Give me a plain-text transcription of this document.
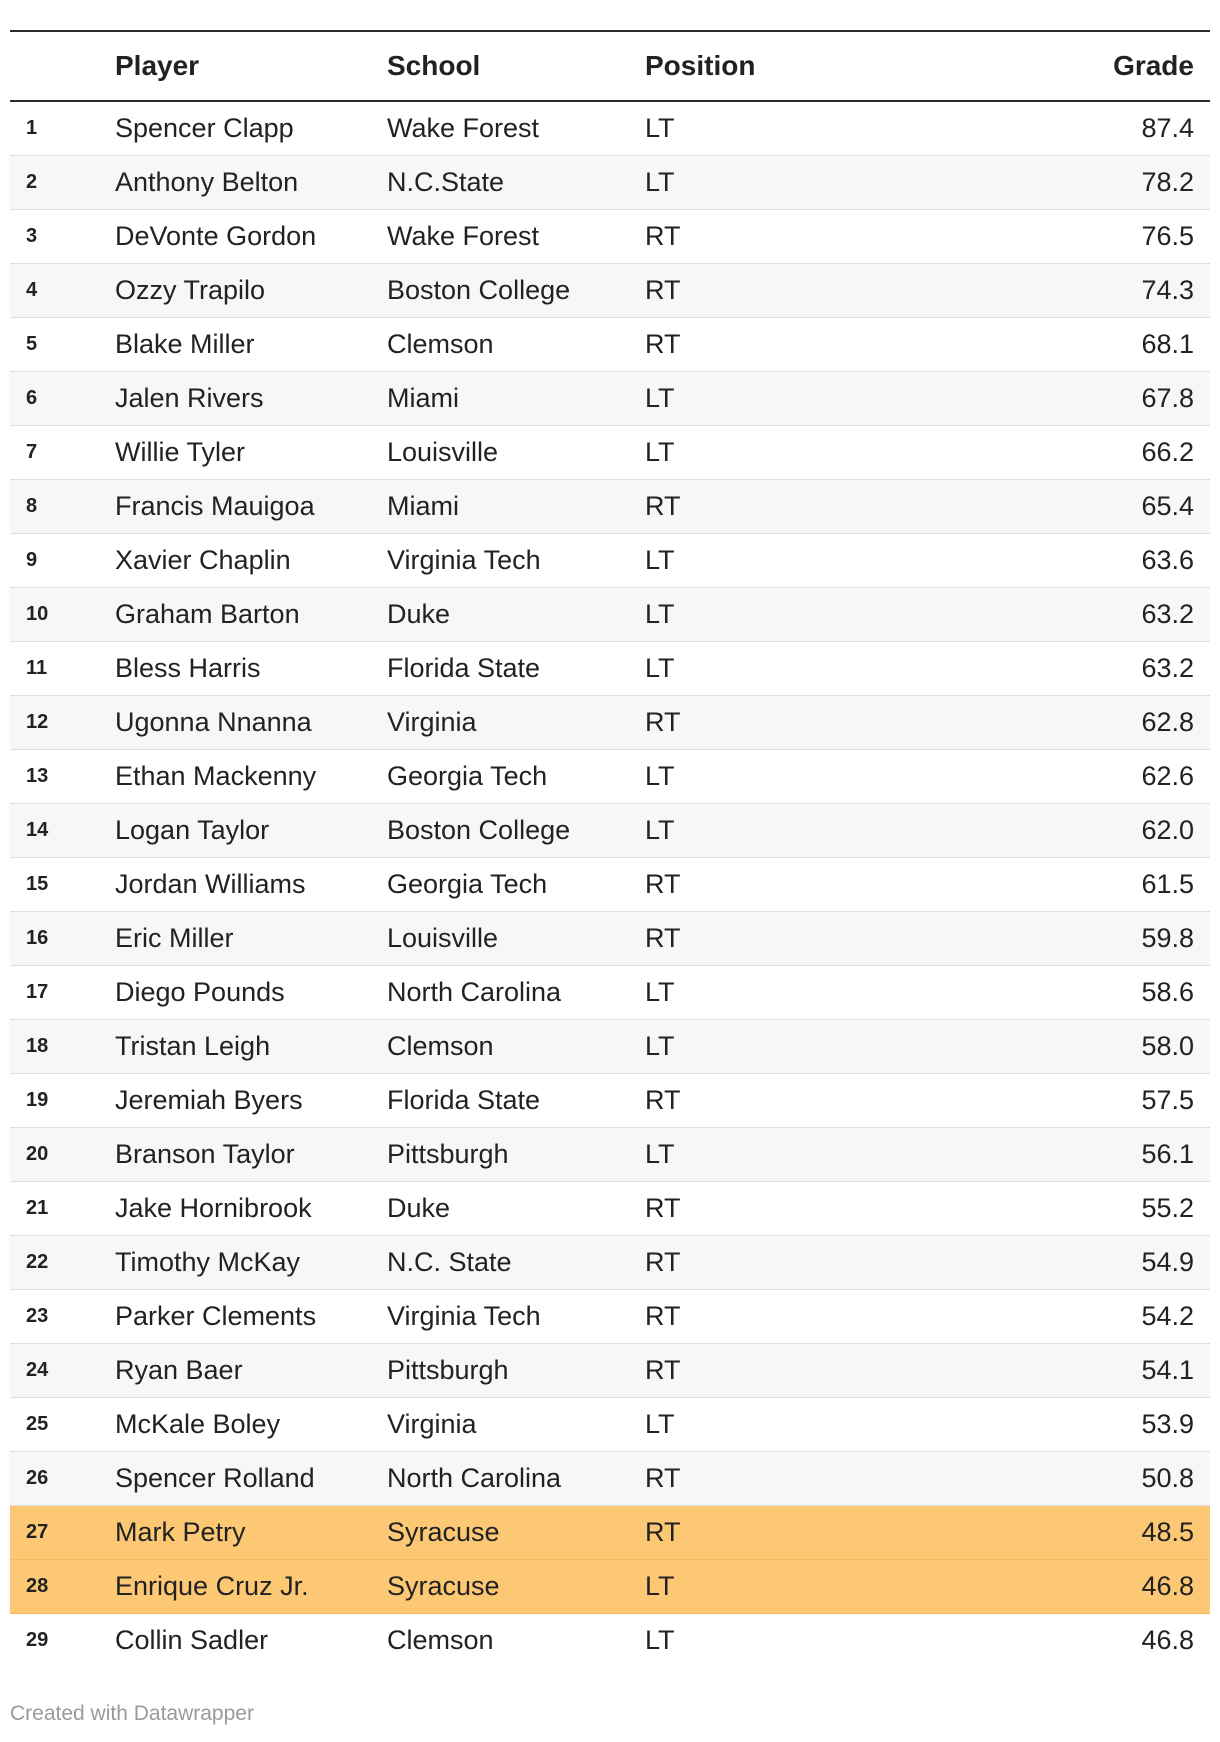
	Player	School	Position	Grade
1	Spencer Clapp	Wake Forest	LT	87.4
2	Anthony Belton	N.C.State	LT	78.2
3	DeVonte Gordon	Wake Forest	RT	76.5
4	Ozzy Trapilo	Boston College	RT	74.3
5	Blake Miller	Clemson	RT	68.1
6	Jalen Rivers	Miami	LT	67.8
7	Willie Tyler	Louisville	LT	66.2
8	Francis Mauigoa	Miami	RT	65.4
9	Xavier Chaplin	Virginia Tech	LT	63.6
10	Graham Barton	Duke	LT	63.2
11	Bless Harris	Florida State	LT	63.2
12	Ugonna Nnanna	Virginia	RT	62.8
13	Ethan Mackenny	Georgia Tech	LT	62.6
14	Logan Taylor	Boston College	LT	62.0
15	Jordan Williams	Georgia Tech	RT	61.5
16	Eric Miller	Louisville	RT	59.8
17	Diego Pounds	North Carolina	LT	58.6
18	Tristan Leigh	Clemson	LT	58.0
19	Jeremiah Byers	Florida State	RT	57.5
20	Branson Taylor	Pittsburgh	LT	56.1
21	Jake Hornibrook	Duke	RT	55.2
22	Timothy McKay	N.C. State	RT	54.9
23	Parker Clements	Virginia Tech	RT	54.2
24	Ryan Baer	Pittsburgh	RT	54.1
25	McKale Boley	Virginia	LT	53.9
26	Spencer Rolland	North Carolina	RT	50.8
27	Mark Petry	Syracuse	RT	48.5
28	Enrique Cruz Jr.	Syracuse	LT	46.8
29	Collin Sadler	Clemson	LT	46.8
Created with Datawrapper
